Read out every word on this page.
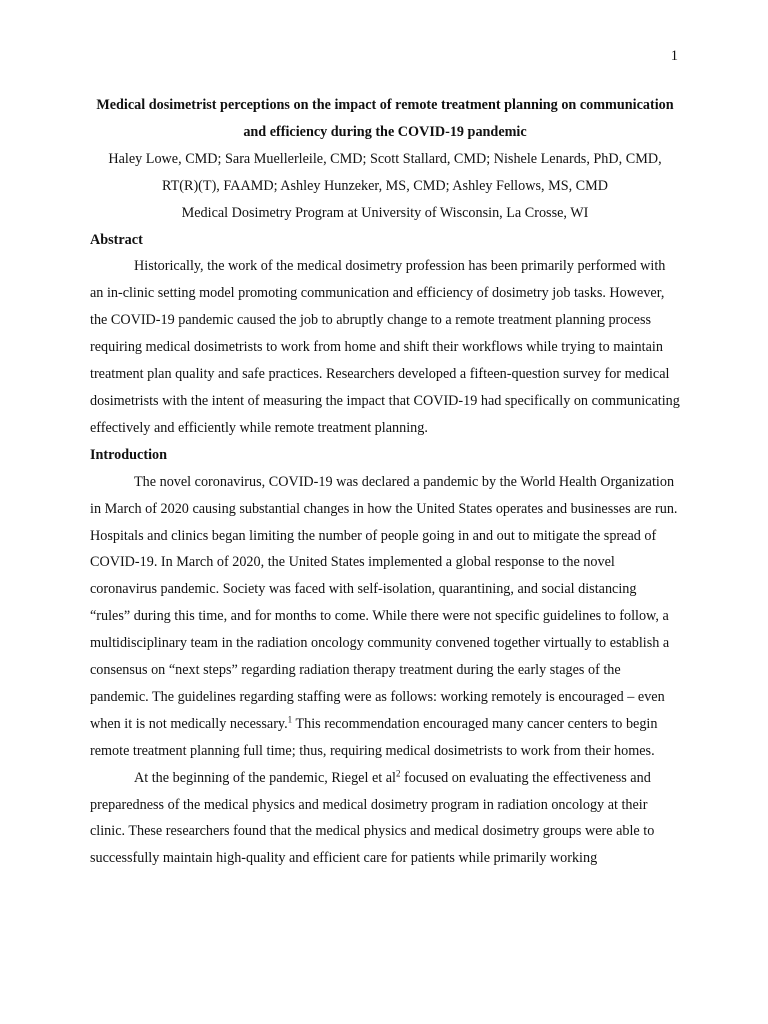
1

Medical dosimetrist perceptions on the impact of remote treatment planning on communication and efficiency during the COVID-19 pandemic

Haley Lowe, CMD; Sara Muellerleile, CMD; Scott Stallard, CMD; Nishele Lenards, PhD, CMD, RT(R)(T), FAAMD; Ashley Hunzeker, MS, CMD; Ashley Fellows, MS, CMD

Medical Dosimetry Program at University of Wisconsin, La Crosse, WI

Abstract

Historically, the work of the medical dosimetry profession has been primarily performed with an in-clinic setting model promoting communication and efficiency of dosimetry job tasks. However, the COVID-19 pandemic caused the job to abruptly change to a remote treatment planning process requiring medical dosimetrists to work from home and shift their workflows while trying to maintain treatment plan quality and safe practices. Researchers developed a fifteen-question survey for medical dosimetrists with the intent of measuring the impact that COVID-19 had specifically on communicating effectively and efficiently while remote treatment planning.

Introduction

The novel coronavirus, COVID-19 was declared a pandemic by the World Health Organization in March of 2020 causing substantial changes in how the United States operates and businesses are run. Hospitals and clinics began limiting the number of people going in and out to mitigate the spread of COVID-19. In March of 2020, the United States implemented a global response to the novel coronavirus pandemic. Society was faced with self-isolation, quarantining, and social distancing “rules” during this time, and for months to come. While there were not specific guidelines to follow, a multidisciplinary team in the radiation oncology community convened together virtually to establish a consensus on “next steps” regarding radiation therapy treatment during the early stages of the pandemic. The guidelines regarding staffing were as follows: working remotely is encouraged – even when it is not medically necessary.$^1$ This recommendation encouraged many cancer centers to begin remote treatment planning full time; thus, requiring medical dosimetrists to work from their homes.

At the beginning of the pandemic, Riegel et $al^2$ focused on evaluating the effectiveness and preparedness of the medical physics and medical dosimetry program in radiation oncology at their clinic. These researchers found that the medical physics and medical dosimetry groups were able to successfully maintain high-quality and efficient care for patients while primarily working
